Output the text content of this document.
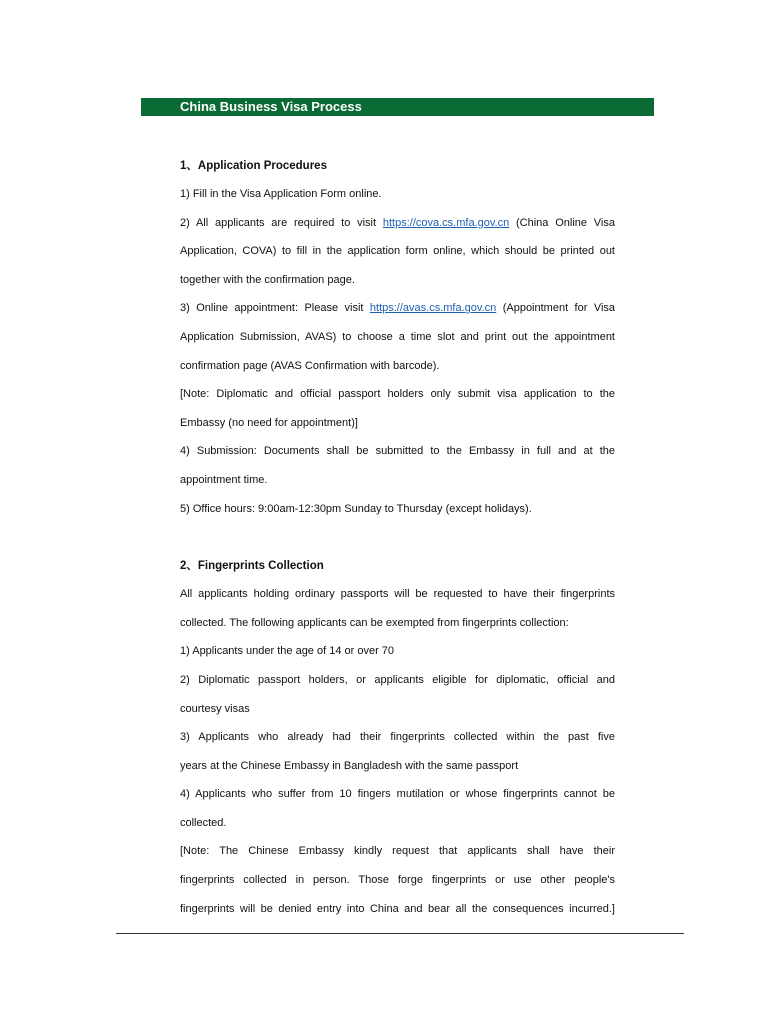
China Business Visa Process

1、Application Procedures

1) Fill in the Visa Application Form online.

2) All applicants are required to visit https://cova.cs.mfa.gov.cn (China Online Visa

Application, COVA) to fill in the application form online, which should be printed out

together with the confirmation page.

3) Online appointment: Please visit https://avas.cs.mfa.gov.cn (Appointment for Visa

Application Submission, AVAS) to choose a time slot and print out the appointment

confirmation page (AVAS Confirmation with barcode).

[Note: Diplomatic and official passport holders only submit visa application to the

Embassy (no need for appointment)]

4) Submission: Documents shall be submitted to the Embassy in full and at the

appointment time.

5) Office hours: 9:00am-12:30pm Sunday to Thursday (except holidays).

2、Fingerprints Collection

All applicants holding ordinary passports will be requested to have their fingerprints

collected. The following applicants can be exempted from fingerprints collection:

1) Applicants under the age of 14 or over 70

2) Diplomatic passport holders, or applicants eligible for diplomatic, official and

courtesy visas

3) Applicants who already had their fingerprints collected within the past five

years at the Chinese Embassy in Bangladesh with the same passport

4) Applicants who suffer from 10 fingers mutilation or whose fingerprints cannot be

collected.

[Note: The Chinese Embassy kindly request that applicants shall have their

fingerprints collected in person. Those forge fingerprints or use other people's

fingerprints will be denied entry into China and bear all the consequences incurred.]
